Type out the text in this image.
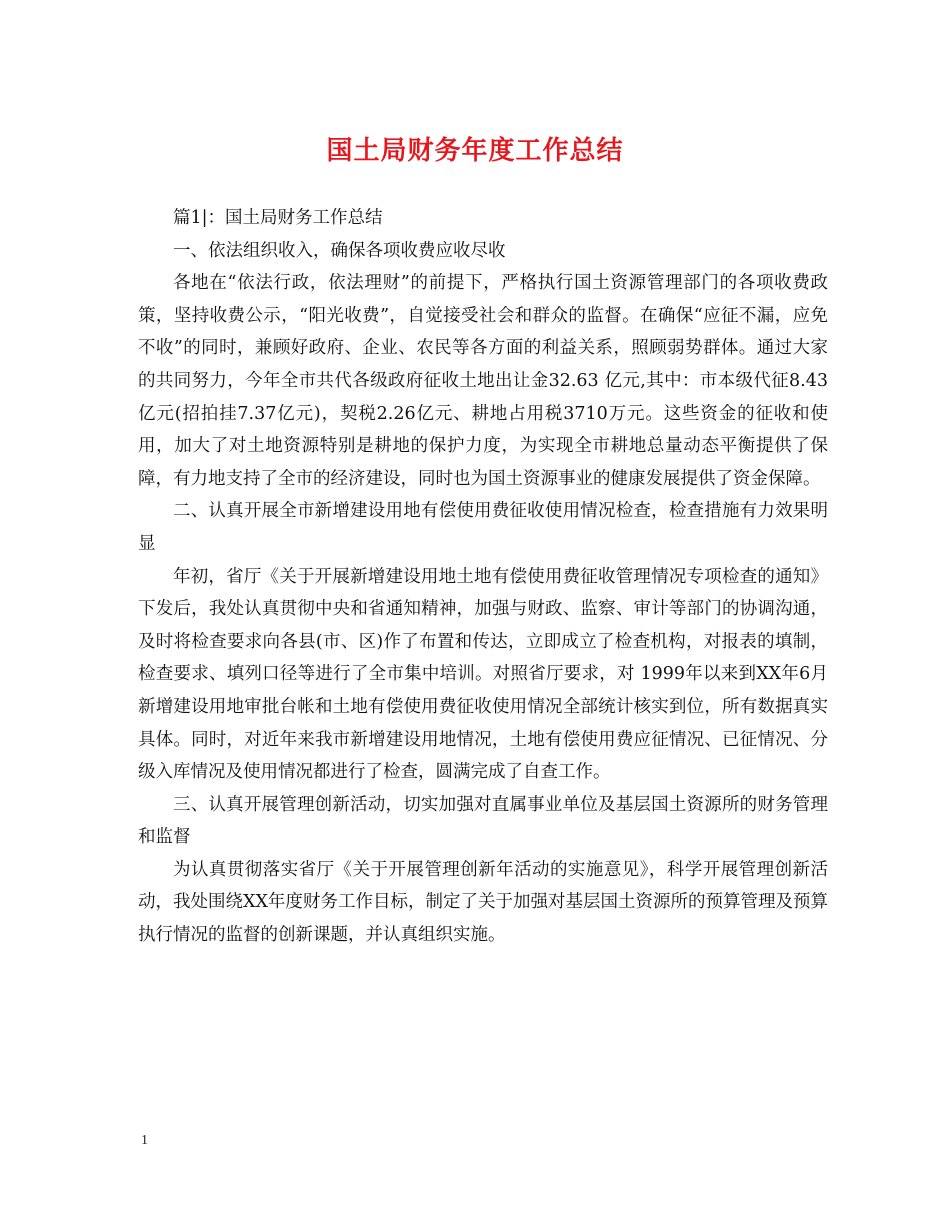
国土局财务年度工作总结

篇1|：国土局财务工作总结

一、依法组织收入，确保各项收费应收尽收

各地在“依法行政，依法理财”的前提下，严格执行国土资源管理部门的各项收费政策，坚持收费公示，“阳光收费”，自觉接受社会和群众的监督。在确保“应征不漏，应免不收”的同时，兼顾好政府、企业、农民等各方面的利益关系，照顾弱势群体。通过大家的共同努力，今年全市共代各级政府征收土地出让金32.63 亿元,其中：市本级代征8.43亿元(招拍挂7.37亿元)，契税2.26亿元、耕地占用税3710万元。这些资金的征收和使用，加大了对土地资源特别是耕地的保护力度，为实现全市耕地总量动态平衡提供了保障，有力地支持了全市的经济建设，同时也为国土资源事业的健康发展提供了资金保障。

二、认真开展全市新增建设用地有偿使用费征收使用情况检查，检查措施有力效果明显

年初，省厅《关于开展新增建设用地土地有偿使用费征收管理情况专项检查的通知》下发后，我处认真贯彻中央和省通知精神，加强与财政、监察、审计等部门的协调沟通，及时将检查要求向各县(市、区)作了布置和传达，立即成立了检查机构，对报表的填制，检查要求、填列口径等进行了全市集中培训。对照省厅要求，对 1999年以来到XX年6月新增建设用地审批台帐和土地有偿使用费征收使用情况全部统计核实到位，所有数据真实具体。同时，对近年来我市新增建设用地情况，土地有偿使用费应征情况、已征情况、分级入库情况及使用情况都进行了检查，圆满完成了自查工作。

三、认真开展管理创新活动，切实加强对直属事业单位及基层国土资源所的财务管理和监督

为认真贯彻落实省厅《关于开展管理创新年活动的实施意见》，科学开展管理创新活动，我处围绕XX年度财务工作目标，制定了关于加强对基层国土资源所的预算管理及预算执行情况的监督的创新课题，并认真组织实施。

1
